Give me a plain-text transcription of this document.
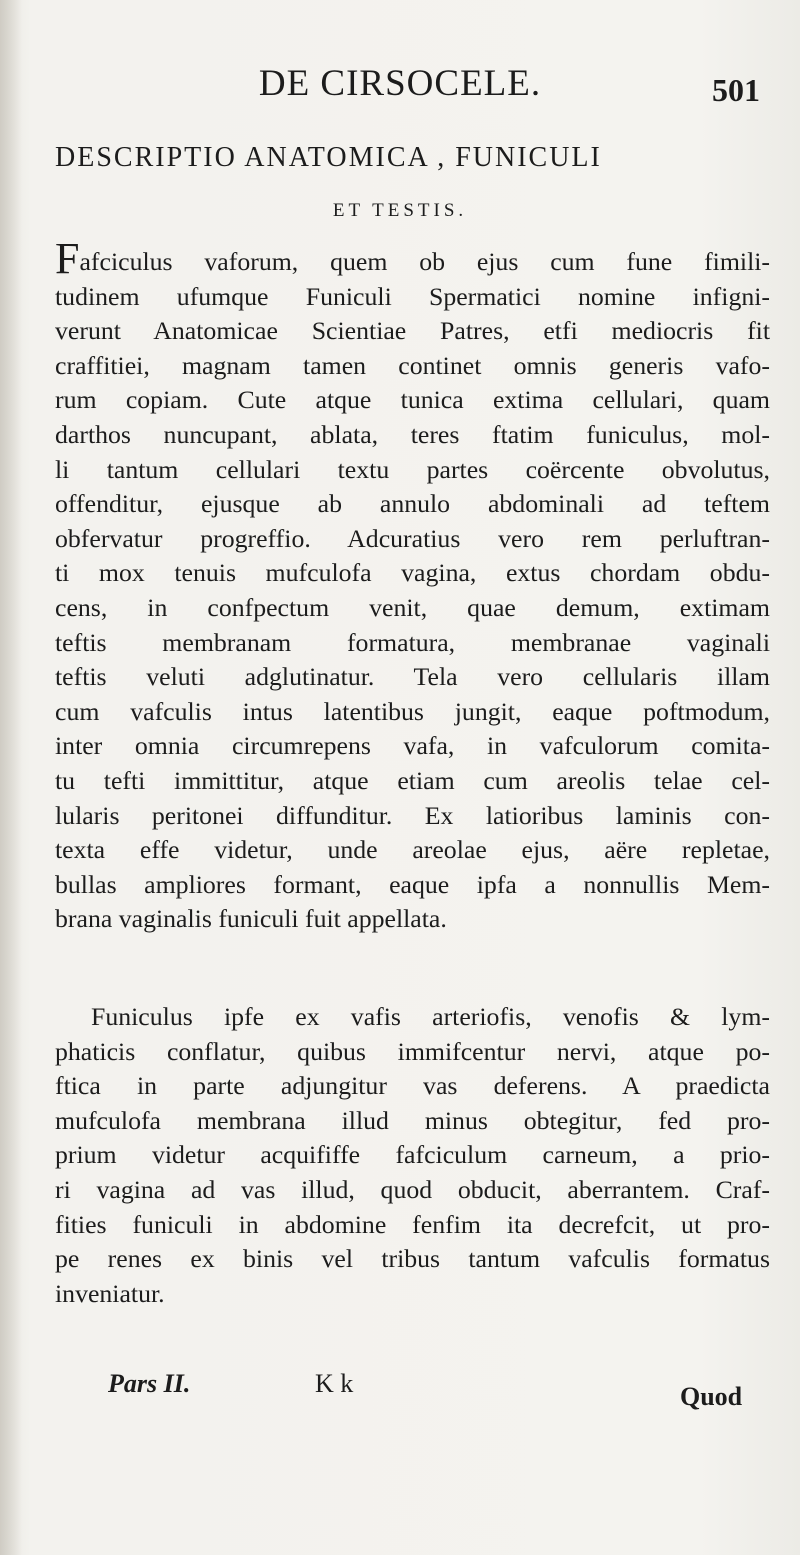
DE CIRSOCELE.	501
DESCRIPTIO ANATOMICA , FUNICULI
ET TESTIS.
Fafciculus vaforum, quem ob ejus cum fune fimili-
tudinem ufumque Funiculi Spermatici nomine infigni-
verunt Anatomicae Scientiae Patres, etfi mediocris fit
craffitiei, magnam tamen continet omnis generis vafo-
rum copiam. Cute atque tunica extima cellulari, quam
darthos nuncupant, ablata, teres ftatim funiculus, mol-
li tantum cellulari textu partes coërcente obvolutus,
offenditur, ejusque ab annulo abdominali ad teftem
obfervatur progreffio. Adcuratius vero rem perluftran-
ti mox tenuis mufculofa vagina, extus chordam obdu-
cens, in confpectum venit, quae demum, extimam
teftis membranam formatura, membranae vaginali
teftis veluti adglutinatur. Tela vero cellularis illam
cum vafculis intus latentibus jungit, eaque poftmodum,
inter omnia circumrepens vafa, in vafculorum comita-
tu tefti immittitur, atque etiam cum areolis telae cel-
lularis peritonei diffunditur. Ex latioribus laminis con-
texta effe videtur, unde areolae ejus, aëre repletae,
bullas ampliores formant, eaque ipfa a nonnullis Mem-
brana vaginalis funiculi fuit appellata.
Funiculus ipfe ex vafis arteriofis, venofis & lym-
phaticis conflatur, quibus immifcentur nervi, atque po-
ftica in parte adjungitur vas deferens. A praedicta
mufculofa membrana illud minus obtegitur, fed pro-
prium videtur acquififfe fafciculum carneum, a prio-
ri vagina ad vas illud, quod obducit, aberrantem. Craf-
fities funiculi in abdomine fenfim ita decrefcit, ut pro-
pe renes ex binis vel tribus tantum vafculis formatus
inveniatur.
Pars II.	K k	Quod
